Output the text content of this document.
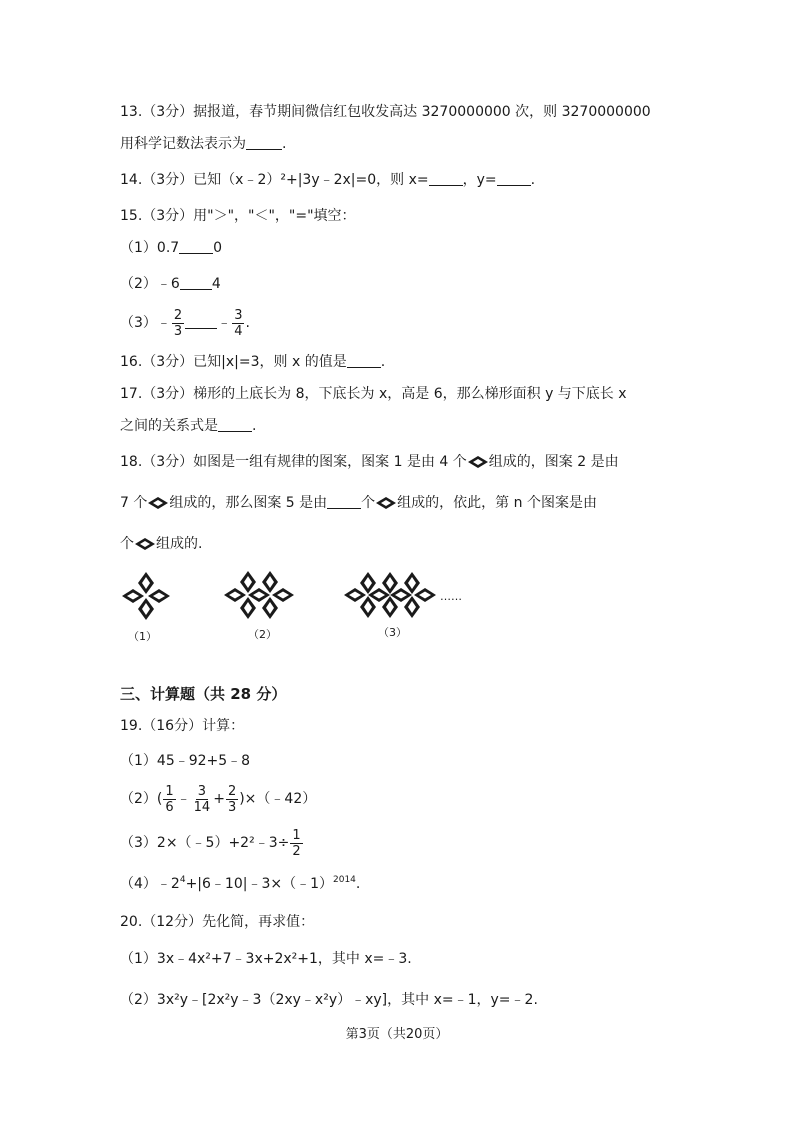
13.（3分）据报道，春节期间微信红包收发高达 3270000000 次，则 3270000000
用科学记数法表示为	.
14.（3分）已知（x﹣2）²+|3y﹣2x|=0，则 x= ，y= .
15.（3分）用"＞"，"＜"，"="填空：
（1）0.7 0
（2）﹣6 4
（3）﹣ $\frac{2}{3}$ ﹣ $\frac{3}{4}$ .
16.（3分）已知|x|=3，则 x 的值是 .
17.（3分）梯形的上底长为 8，下底长为 x，高是 6，那么梯形面积 y 与下底长 x
之间的关系式是 .
18.（3分）如图是一组有规律的图案，图案 1 是由 4 个 组成的，图案 2 是由
7 个 组成的，那么图案 5 是由 个 组成的，依此，第 n 个图案是由
个 组成的.
（1）	（2）	（3）
……
三、计算题（共 28 分）
19.（16分）计算：
（1）45﹣92+5﹣8
$(2)( \frac{1}{6}$ ﹣ $\frac{3}{14} + \frac{2}{3}$ )×（﹣42）
（3）2×（﹣5）+2²﹣3÷ $\frac{1}{2}$
$(4)﹣2^4+|6﹣10|﹣3\times(﹣1)^{2014}$.
20.（12分）先化简，再求值：
（1）3x﹣4x²+7﹣3x+2x²+1，其中 x=﹣3.
（2）3x²y﹣[2x²y﹣3（2xy﹣x²y）﹣xy]，其中 x=﹣1，y=﹣2.
第3页（共20页）
